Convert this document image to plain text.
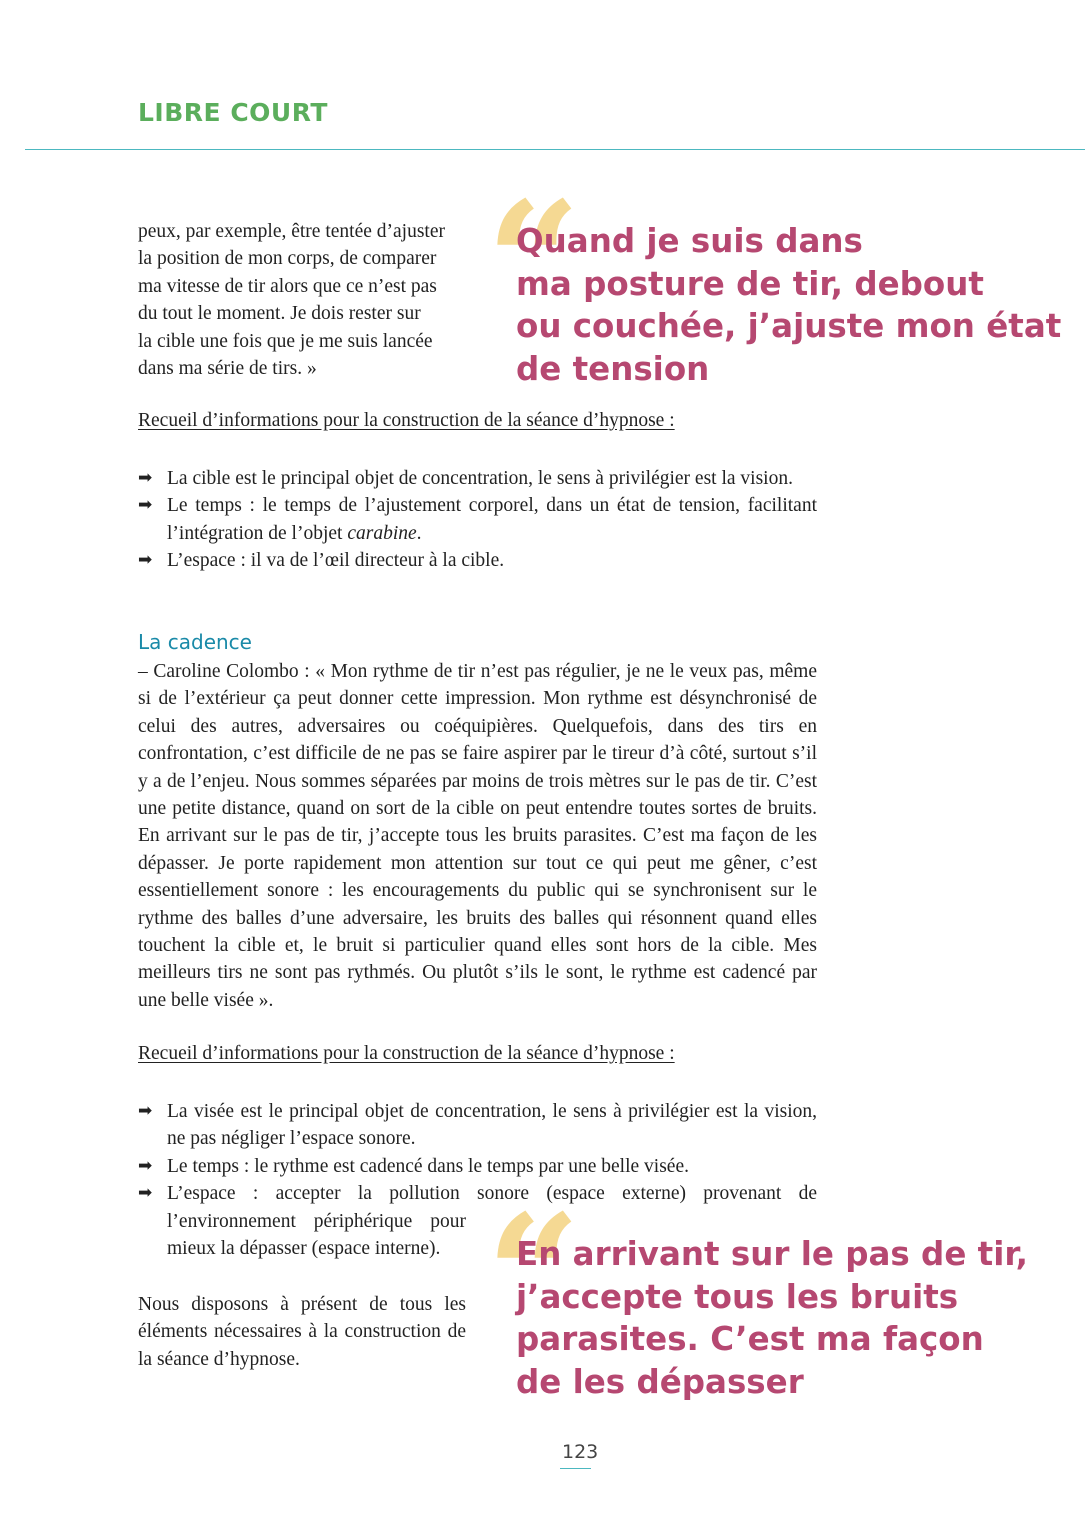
LIBRE COURT
peux, par exemple, être tentée d’ajuster
la position de mon corps, de comparer
ma vitesse de tir alors que ce n’est pas
du tout le moment. Je dois rester sur
la cible une fois que je me suis lancée
dans ma série de tirs. »
“
Quand je suis dans
ma posture de tir, debout
ou couchée, j’ajuste mon état
de tension
Recueil d’informations pour la construction de la séance d’hypnose :
➡ La cible est le principal objet de concentration, le sens à privilégier est la vision.
➡ Le temps : le temps de l’ajustement corporel, dans un état de tension, facilitant l’intégration de l’objet carabine.
➡ L’espace : il va de l’œil directeur à la cible.
La cadence

– Caroline Colombo : « Mon rythme de tir n’est pas régulier, je ne le veux pas, même si de l’extérieur ça peut donner cette impression. Mon rythme est désynchronisé de celui des autres, adversaires ou coéquipières. Quelquefois, dans des tirs en confrontation, c’est difficile de ne pas se faire aspirer par le tireur d’à côté, surtout s’il y a de l’enjeu. Nous sommes séparées par moins de trois mètres sur le pas de tir. C’est une petite distance, quand on sort de la cible on peut entendre toutes sortes de bruits. En arrivant sur le pas de tir, j’accepte tous les bruits parasites. C’est ma façon de les dépasser. Je porte rapidement mon attention sur tout ce qui peut me gêner, c’est essentiellement sonore : les encouragements du public qui se synchronisent sur le rythme des balles d’une adversaire, les bruits des balles qui résonnent quand elles touchent la cible et, le bruit si particulier quand elles sont hors de la cible. Mes meilleurs tirs ne sont pas rythmés. Ou plutôt s’ils le sont, le rythme est cadencé par une belle visée ».

Recueil d’informations pour la construction de la séance d’hypnose :
➡ La visée est le principal objet de concentration, le sens à privilégier est la vision, ne pas négliger l’espace sonore.
➡ Le temps : le rythme est cadencé dans le temps par une belle visée.
➡ L’espace : accepter la pollution sonore (espace externe) provenant de
l’environnement périphérique pour mieux la dépasser (espace interne).

Nous disposons à présent de tous les éléments nécessaires à la construction de la séance d’hypnose.	“
En arrivant sur le pas de tir,
j’accepte tous les bruits
parasites. C’est ma façon
de les dépasser
123
